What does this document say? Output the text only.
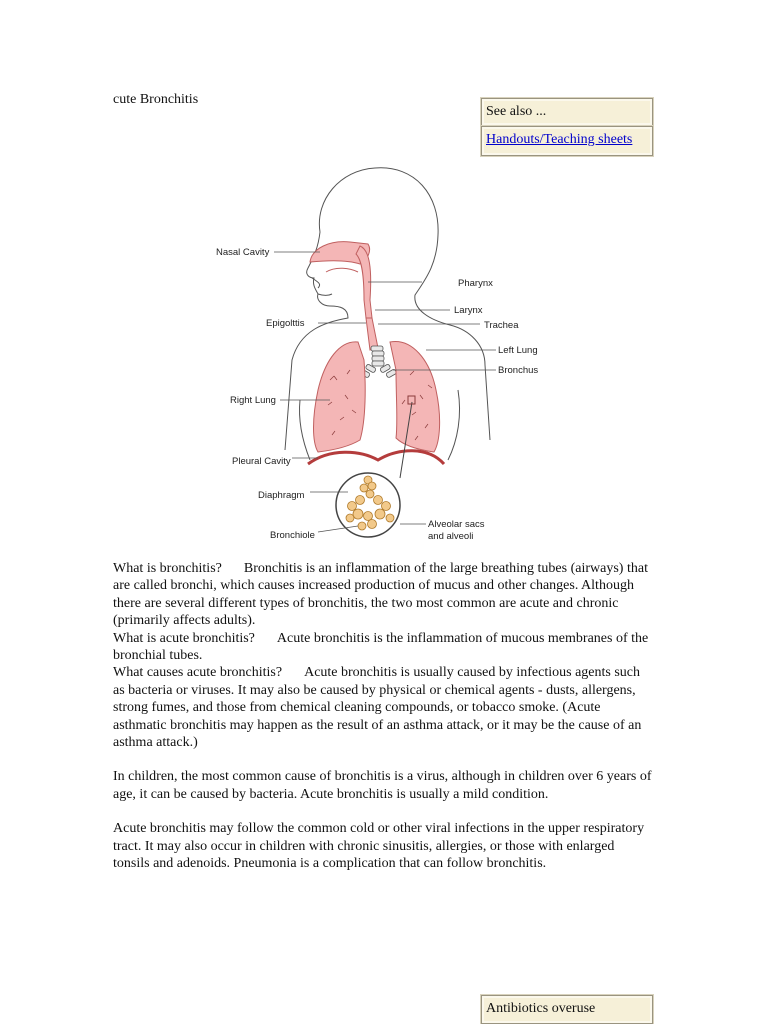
cute Bronchitis
See also ...
Handouts/Teaching sheets
Nasal Cavity
Pharynx
Larynx
Epigolttis	Trachea
Left Lung
Bronchus
Right Lung
Pleural Cavity
Diaphragm
Bronchiole
Alveolar sacs
and alveoli

What is bronchitis? Bronchitis is an inflammation of the large breathing tubes (airways) that are called bronchi, which causes increased production of mucus and other changes. Although there are several different types of bronchitis, the two most common are acute and chronic (primarily affects adults).

What is acute bronchitis? Acute bronchitis is the inflammation of mucous membranes of the bronchial tubes.

What causes acute bronchitis? Acute bronchitis is usually caused by infectious agents such as bacteria or viruses. It may also be caused by physical or chemical agents - dusts, allergens, strong fumes, and those from chemical cleaning compounds, or tobacco smoke. (Acute asthmatic bronchitis may happen as the result of an asthma attack, or it may be the cause of an asthma attack.)

In children, the most common cause of bronchitis is a virus, although in children over 6 years of age, it can be caused by bacteria. Acute bronchitis is usually a mild condition.

Acute bronchitis may follow the common cold or other viral infections in the upper respiratory tract. It may also occur in children with chronic sinusitis, allergies, or those with enlarged tonsils and adenoids. Pneumonia is a complication that can follow bronchitis.

Antibiotics overuse
